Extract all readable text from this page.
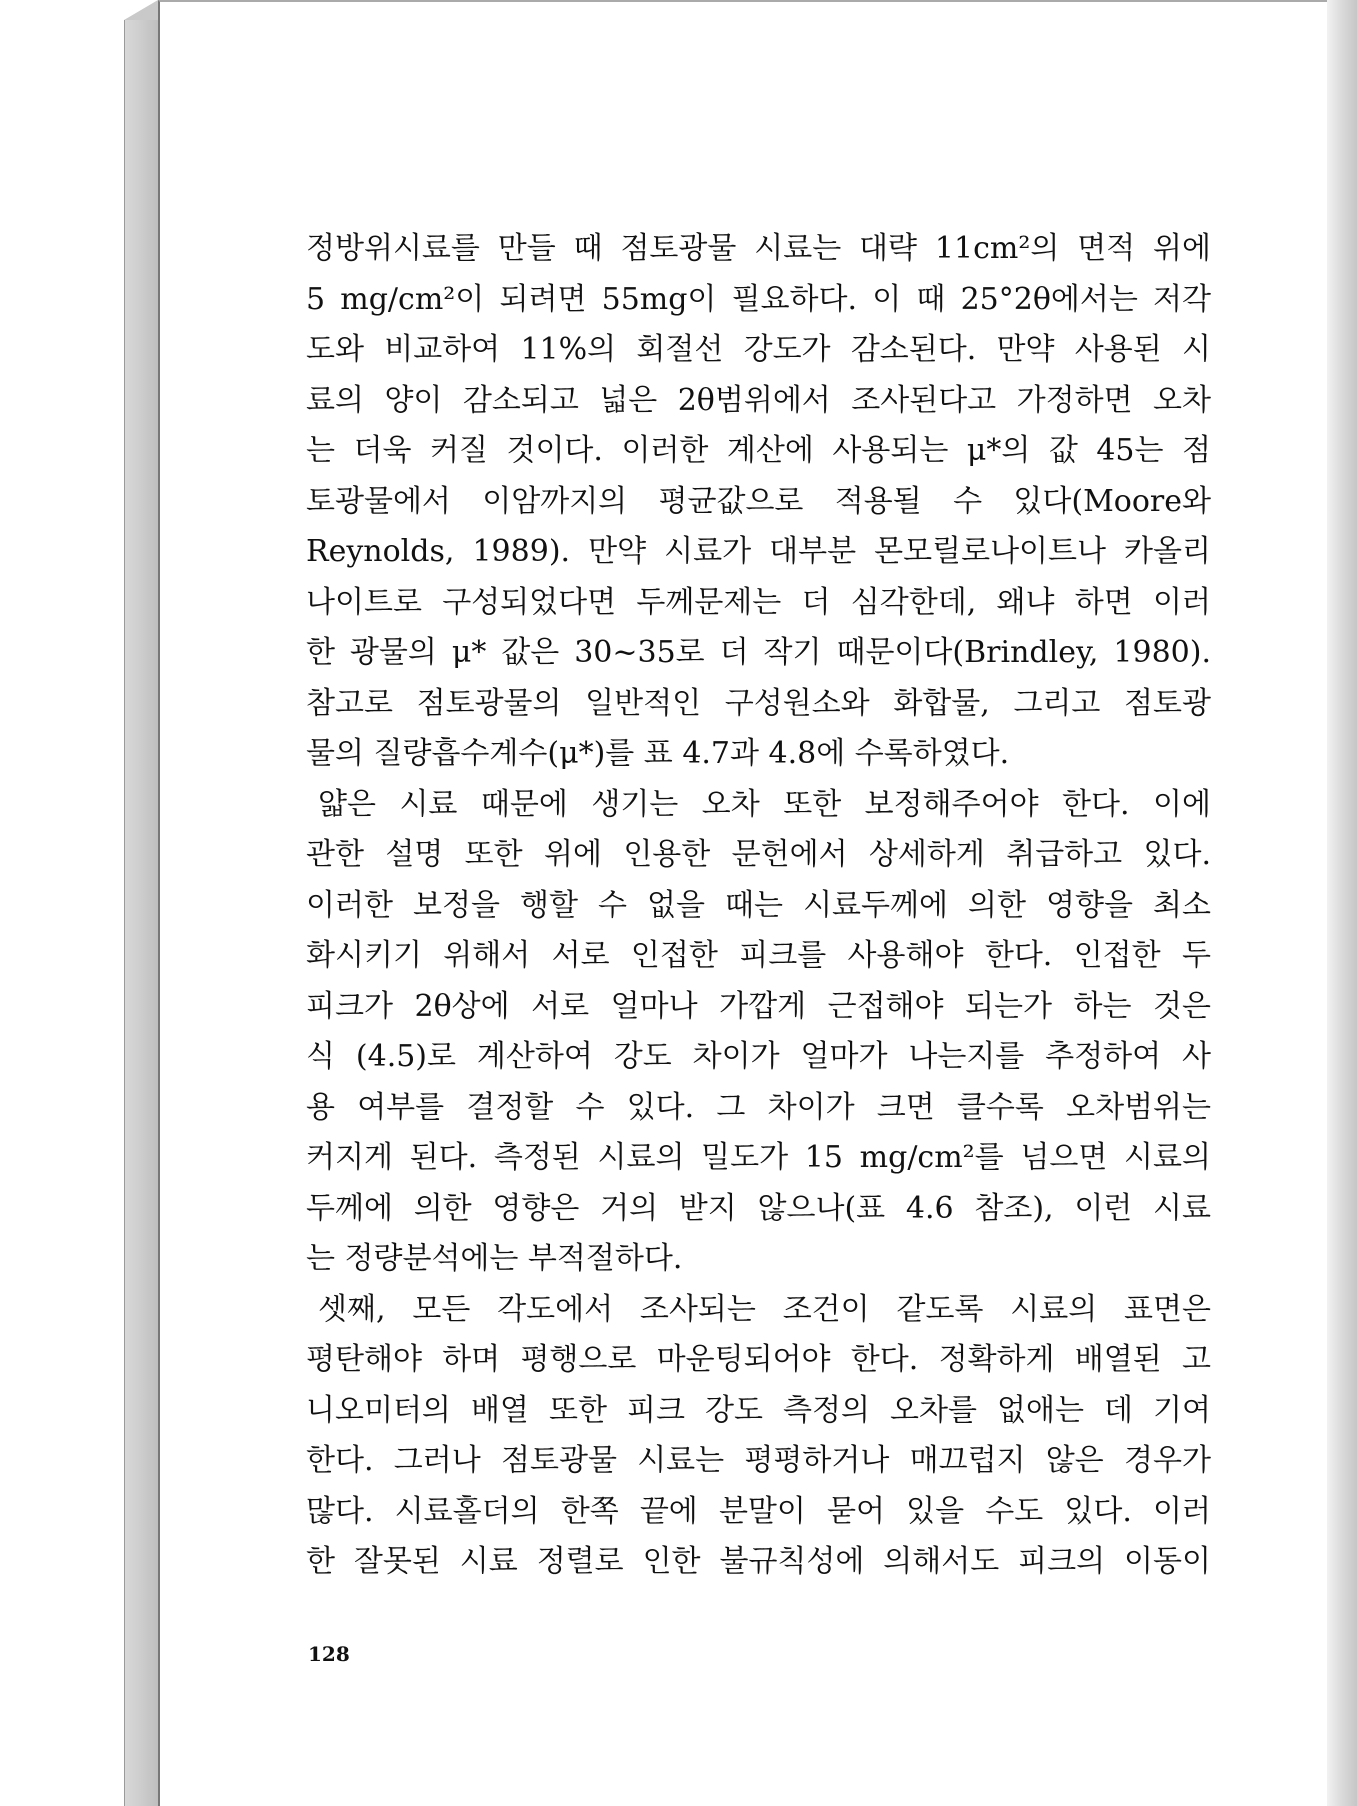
정방위시료를 만들 때 점토광물 시료는 대략 11cm²의 면적 위에
5 mg/cm²이 되려면 55mg이 필요하다. 이 때 25°2θ에서는 저각
도와 비교하여 11%의 회절선 강도가 감소된다. 만약 사용된 시
료의 양이 감소되고 넓은 2θ범위에서 조사된다고 가정하면 오차
는 더욱 커질 것이다. 이러한 계산에 사용되는 μ*의 값 45는 점
토광물에서 이암까지의 평균값으로 적용될 수 있다(Moore와
Reynolds, 1989). 만약 시료가 대부분 몬모릴로나이트나 카올리
나이트로 구성되었다면 두께문제는 더 심각한데, 왜냐 하면 이러
한 광물의 μ* 값은 30~35로 더 작기 때문이다(Brindley, 1980).
참고로 점토광물의 일반적인 구성원소와 화합물, 그리고 점토광
물의 질량흡수계수(μ*)를 표 4.7과 4.8에 수록하였다.
얇은 시료 때문에 생기는 오차 또한 보정해주어야 한다. 이에
관한 설명 또한 위에 인용한 문헌에서 상세하게 취급하고 있다.
이러한 보정을 행할 수 없을 때는 시료두께에 의한 영향을 최소
화시키기 위해서 서로 인접한 피크를 사용해야 한다. 인접한 두
피크가 2θ상에 서로 얼마나 가깝게 근접해야 되는가 하는 것은
식 (4.5)로 계산하여 강도 차이가 얼마가 나는지를 추정하여 사
용 여부를 결정할 수 있다. 그 차이가 크면 클수록 오차범위는
커지게 된다. 측정된 시료의 밀도가 15 mg/cm²를 넘으면 시료의
두께에 의한 영향은 거의 받지 않으나(표 4.6 참조), 이런 시료
는 정량분석에는 부적절하다.
셋째, 모든 각도에서 조사되는 조건이 같도록 시료의 표면은
평탄해야 하며 평행으로 마운팅되어야 한다. 정확하게 배열된 고
니오미터의 배열 또한 피크 강도 측정의 오차를 없애는 데 기여
한다. 그러나 점토광물 시료는 평평하거나 매끄럽지 않은 경우가
많다. 시료홀더의 한쪽 끝에 분말이 묻어 있을 수도 있다. 이러
한 잘못된 시료 정렬로 인한 불규칙성에 의해서도 피크의 이동이
128
